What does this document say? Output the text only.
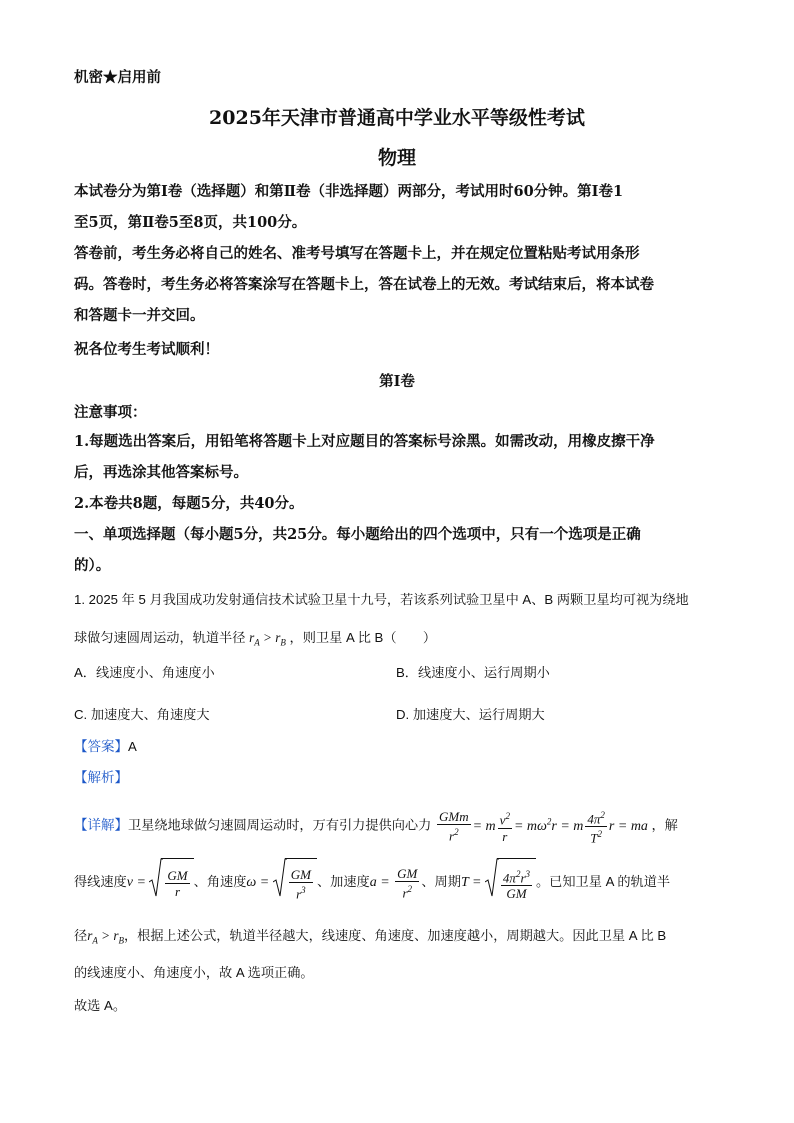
机密★启用前
2025年天津市普通高中学业水平等级性考试
物理
本试卷分为第Ⅰ卷（选择题）和第Ⅱ卷（非选择题）两部分，考试用时60分钟。第Ⅰ卷1
至5页，第Ⅱ卷5至8页，共100分。
答卷前，考生务必将自己的姓名、准考号填写在答题卡上，并在规定位置粘贴考试用条形
码。答卷时，考生务必将答案涂写在答题卡上，答在试卷上的无效。考试结束后，将本试卷
和答题卡一并交回。
祝各位考生考试顺利！
第Ⅰ卷
注意事项：
1.每题选出答案后，用铅笔将答题卡上对应题目的答案标号涂黑。如需改动，用橡皮擦干净
后，再选涂其他答案标号。
2.本卷共8题，每题5分，共40分。
一、单项选择题（每小题5分，共25分。每小题给出的四个选项中，只有一个选项是正确
的）。
1. 2025 年 5 月我国成功发射通信技术试验卫星十九号，若该系列试验卫星中 A、B 两颗卫星均可视为绕地
球做匀速圆周运动，轨道半径 $r_A > r_B$ ，则卫星 A 比 B（　　）
A．线速度小、角速度小	B．线速度小、运行周期小
C. 加速度大、角速度大	D. 加速度大、运行周期大
【答案】A
【解析】
【详解】卫星绕地球做匀速圆周运动时，万有引力提供向心力 $\frac{\text{GMm}}{r^2} = m \frac{v^2}{r} = m\omega^2r = m \frac{4\pi^2}{T^2}$ r = ma ，解
得线速度$v = \frac{GM}{r}$ 、角速度$\omega = \frac{GM}{r^3}$ 、加速度$a = \frac{GM}{r^2}$ 、周期$T = \frac{4\pi^2r^3}{GM}$ 。已知卫星 A 的轨道半
径$r_A > r_B$，根据上述公式，轨道半径越大，线速度、角速度、加速度越小，周期越大。因此卫星 A 比 B
的线速度小、角速度小，故 A 选项正确。
故选 A。
